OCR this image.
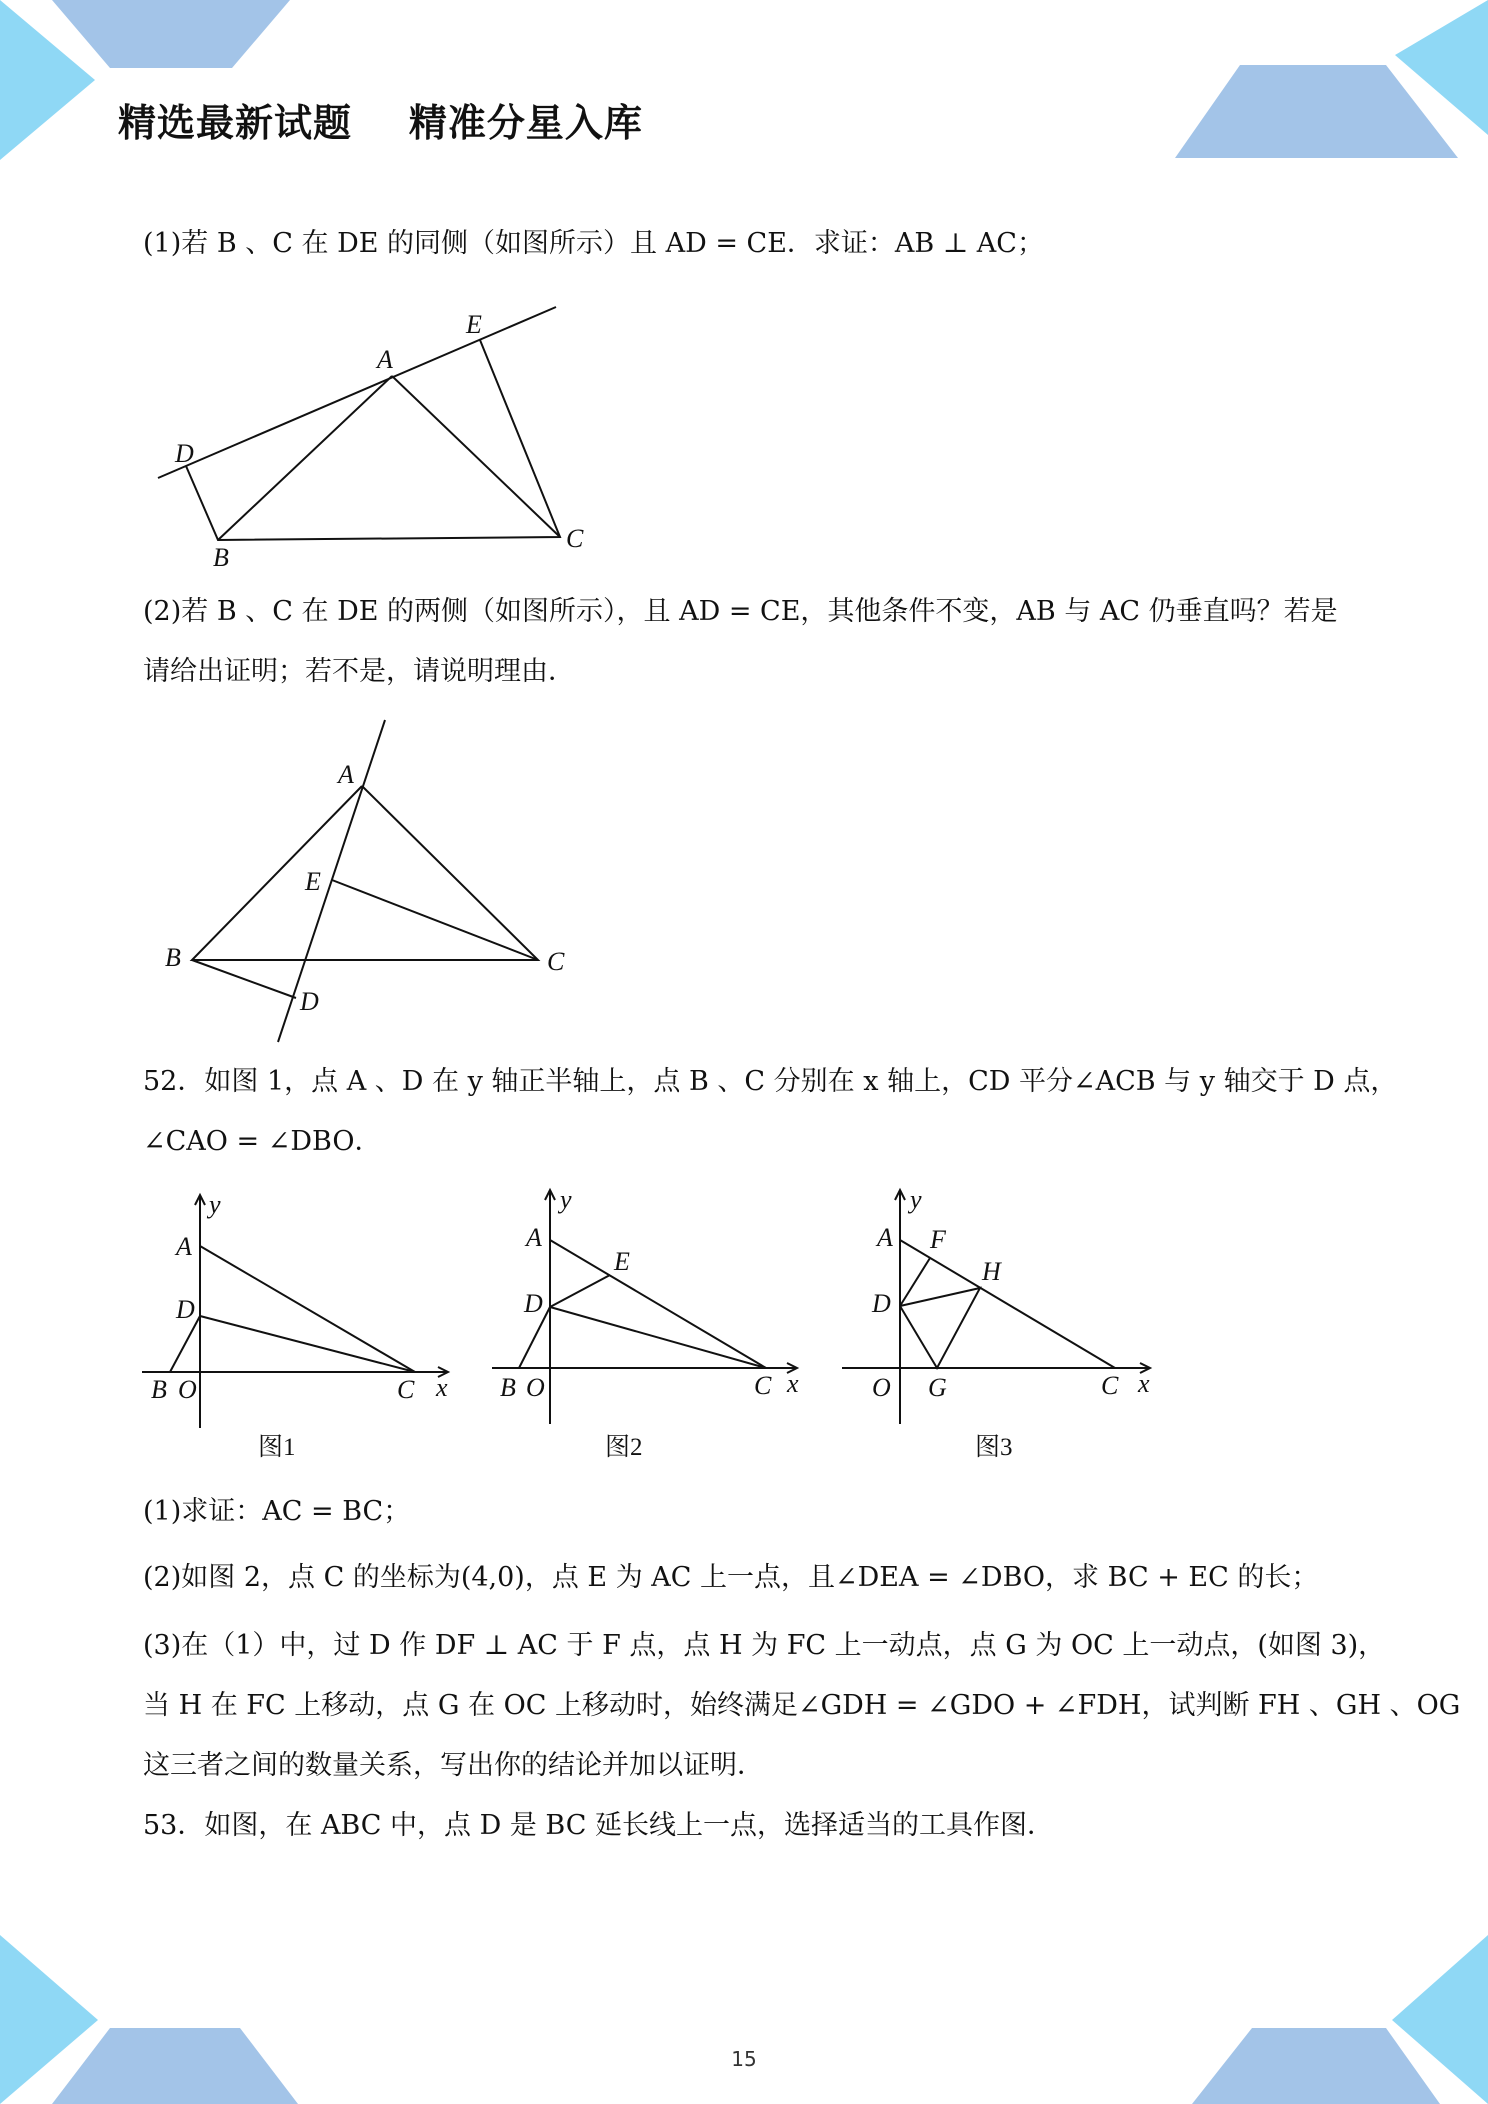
精选最新试题    精准分星入库
(1)若 B 、C 在 DE 的同侧（如图所示）且 AD = CE．求证：AB ⊥ AC；
E
A
D
B
C
(2)若 B 、C 在 DE 的两侧（如图所示），且 AD = CE，其他条件不变，AB 与 AC 仍垂直吗？若是
请给出证明；若不是，请说明理由．
A
E
B	C
D
52．如图 1，点 A 、D 在 y 轴正半轴上，点 B 、C 分别在 x 轴上，CD 平分∠ACB 与 y 轴交于 D 点，
∠CAO = ∠DBO．
y
A
D
B O	C x
图1
y
A
E
D
B O	C x
图2
y
A F
H
D
O G	C x
图3
(1)求证：AC = BC；
(2)如图 2，点 C 的坐标为(4,0)，点 E 为 AC 上一点，且∠DEA = ∠DBO，求 BC + EC 的长；
(3)在（1）中，过 D 作 DF ⊥ AC 于 F 点，点 H 为 FC 上一动点，点 G 为 OC 上一动点，(如图 3)，
当 H 在 FC 上移动，点 G 在 OC 上移动时，始终满足∠GDH = ∠GDO + ∠FDH，试判断 FH 、GH 、OG
这三者之间的数量关系，写出你的结论并加以证明．
53．如图，在 ABC 中，点 D 是 BC 延长线上一点，选择适当的工具作图．
15
